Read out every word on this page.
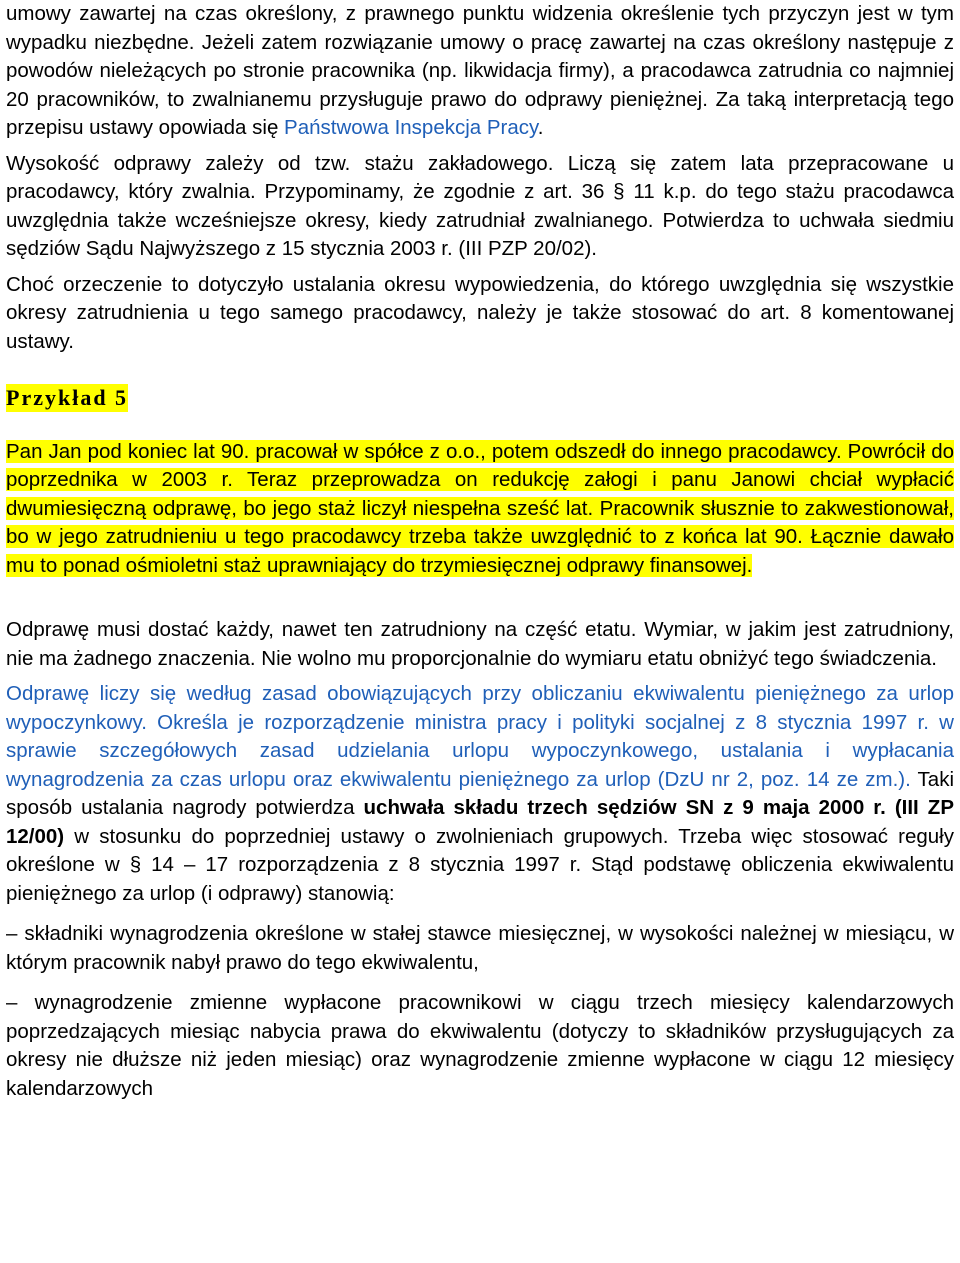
umowy zawartej na czas określony, z prawnego punktu widzenia określenie tych przyczyn jest w tym wypadku niezbędne. Jeżeli zatem rozwiązanie umowy o pracę zawartej na czas określony następuje z powodów nieleżących po stronie pracownika (np. likwidacja firmy), a pracodawca zatrudnia co najmniej 20 pracowników, to zwalnianemu przysługuje prawo do odprawy pieniężnej. Za taką interpretacją tego przepisu ustawy opowiada się Państwowa Inspekcja Pracy.

Wysokość odprawy zależy od tzw. stażu zakładowego. Liczą się zatem lata przepracowane u pracodawcy, który zwalnia. Przypominamy, że zgodnie z art. 36 § 11 k.p. do tego stażu pracodawca uwzględnia także wcześniejsze okresy, kiedy zatrudniał zwalnianego. Potwierdza to uchwała siedmiu sędziów Sądu Najwyższego z 15 stycznia 2003 r. (III PZP 20/02).

Choć orzeczenie to dotyczyło ustalania okresu wypowiedzenia, do którego uwzględnia się wszystkie okresy zatrudnienia u tego samego pracodawcy, należy je także stosować do art. 8 komentowanej ustawy.

Przykład 5

Pan Jan pod koniec lat 90. pracował w spółce z o.o., potem odszedł do innego pracodawcy. Powrócił do poprzednika w 2003 r. Teraz przeprowadza on redukcję załogi i panu Janowi chciał wypłacić dwumiesięczną odprawę, bo jego staż liczył niespełna sześć lat. Pracownik słusznie to zakwestionował, bo w jego zatrudnieniu u tego pracodawcy trzeba także uwzględnić to z końca lat 90. Łącznie dawało mu to ponad ośmioletni staż uprawniający do trzymiesięcznej odprawy finansowej.

Odprawę musi dostać każdy, nawet ten zatrudniony na część etatu. Wymiar, w jakim jest zatrudniony, nie ma żadnego znaczenia. Nie wolno mu proporcjonalnie do wymiaru etatu obniżyć tego świadczenia.

Odprawę liczy się według zasad obowiązujących przy obliczaniu ekwiwalentu pieniężnego za urlop wypoczynkowy. Określa je rozporządzenie ministra pracy i polityki socjalnej z 8 stycznia 1997 r. w sprawie szczegółowych zasad udzielania urlopu wypoczynkowego, ustalania i wypłacania wynagrodzenia za czas urlopu oraz ekwiwalentu pieniężnego za urlop (DzU nr 2, poz. 14 ze zm.). Taki sposób ustalania nagrody potwierdza uchwała składu trzech sędziów SN z 9 maja 2000 r. (III ZP 12/00) w stosunku do poprzedniej ustawy o zwolnieniach grupowych. Trzeba więc stosować reguły określone w § 14 – 17 rozporządzenia z 8 stycznia 1997 r. Stąd podstawę obliczenia ekwiwalentu pieniężnego za urlop (i odprawy) stanowią:

– składniki wynagrodzenia określone w stałej stawce miesięcznej, w wysokości należnej w miesiącu, w którym pracownik nabył prawo do tego ekwiwalentu,

– wynagrodzenie zmienne wypłacone pracownikowi w ciągu trzech miesięcy kalendarzowych poprzedzających miesiąc nabycia prawa do ekwiwalentu (dotyczy to składników przysługujących za okresy nie dłuższe niż jeden miesiąc) oraz wynagrodzenie zmienne wypłacone w ciągu 12 miesięcy kalendarzowych
